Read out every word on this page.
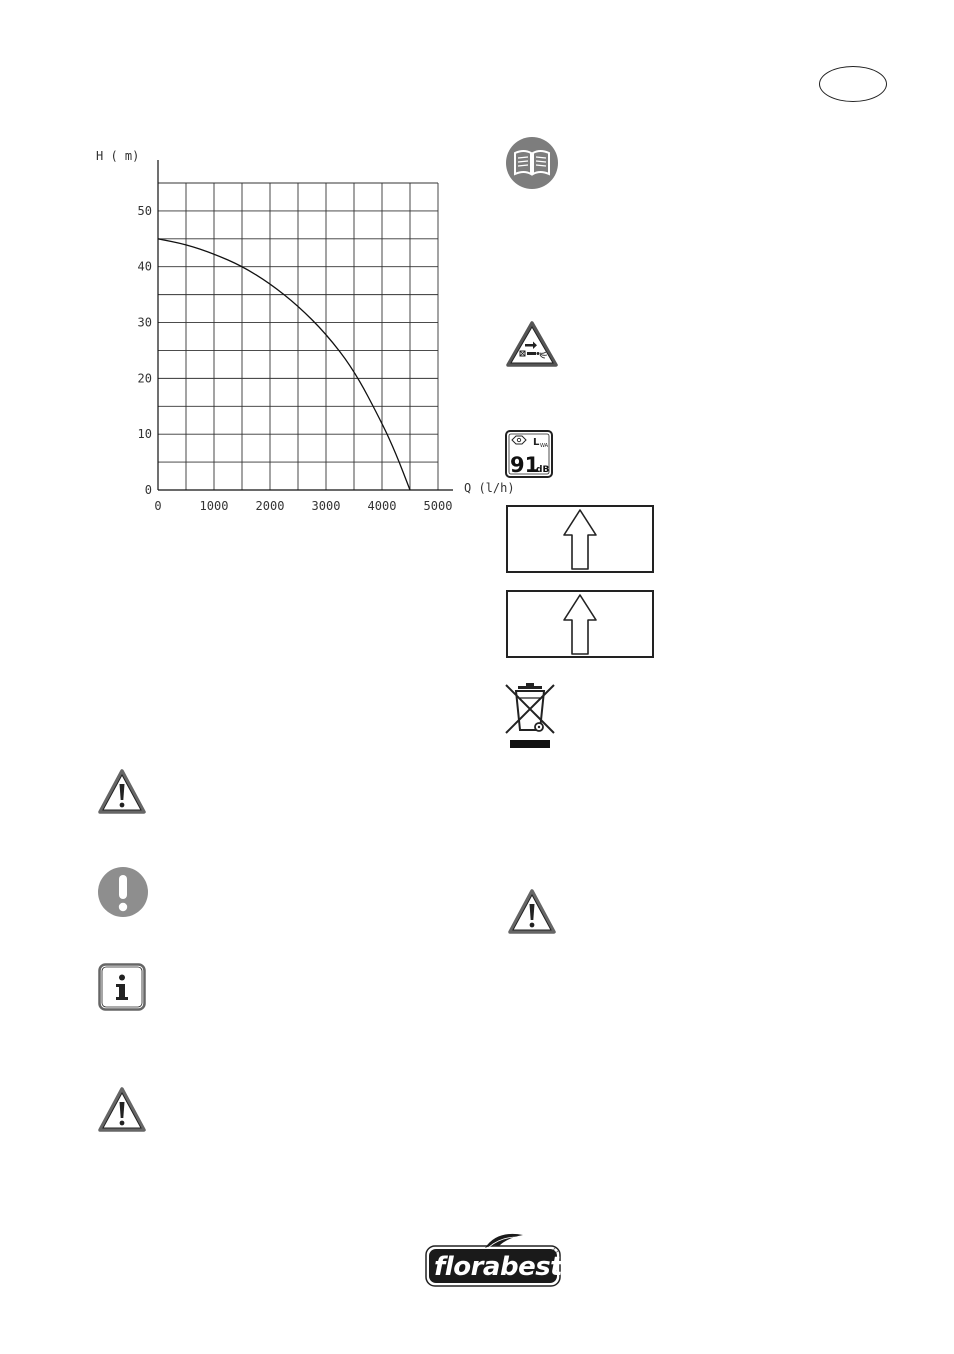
0
10
20
30
40
50
0	1000 2000 3000 4000 5000
H ( m)
Q (l/h)
L WA
91
dB
florabest
